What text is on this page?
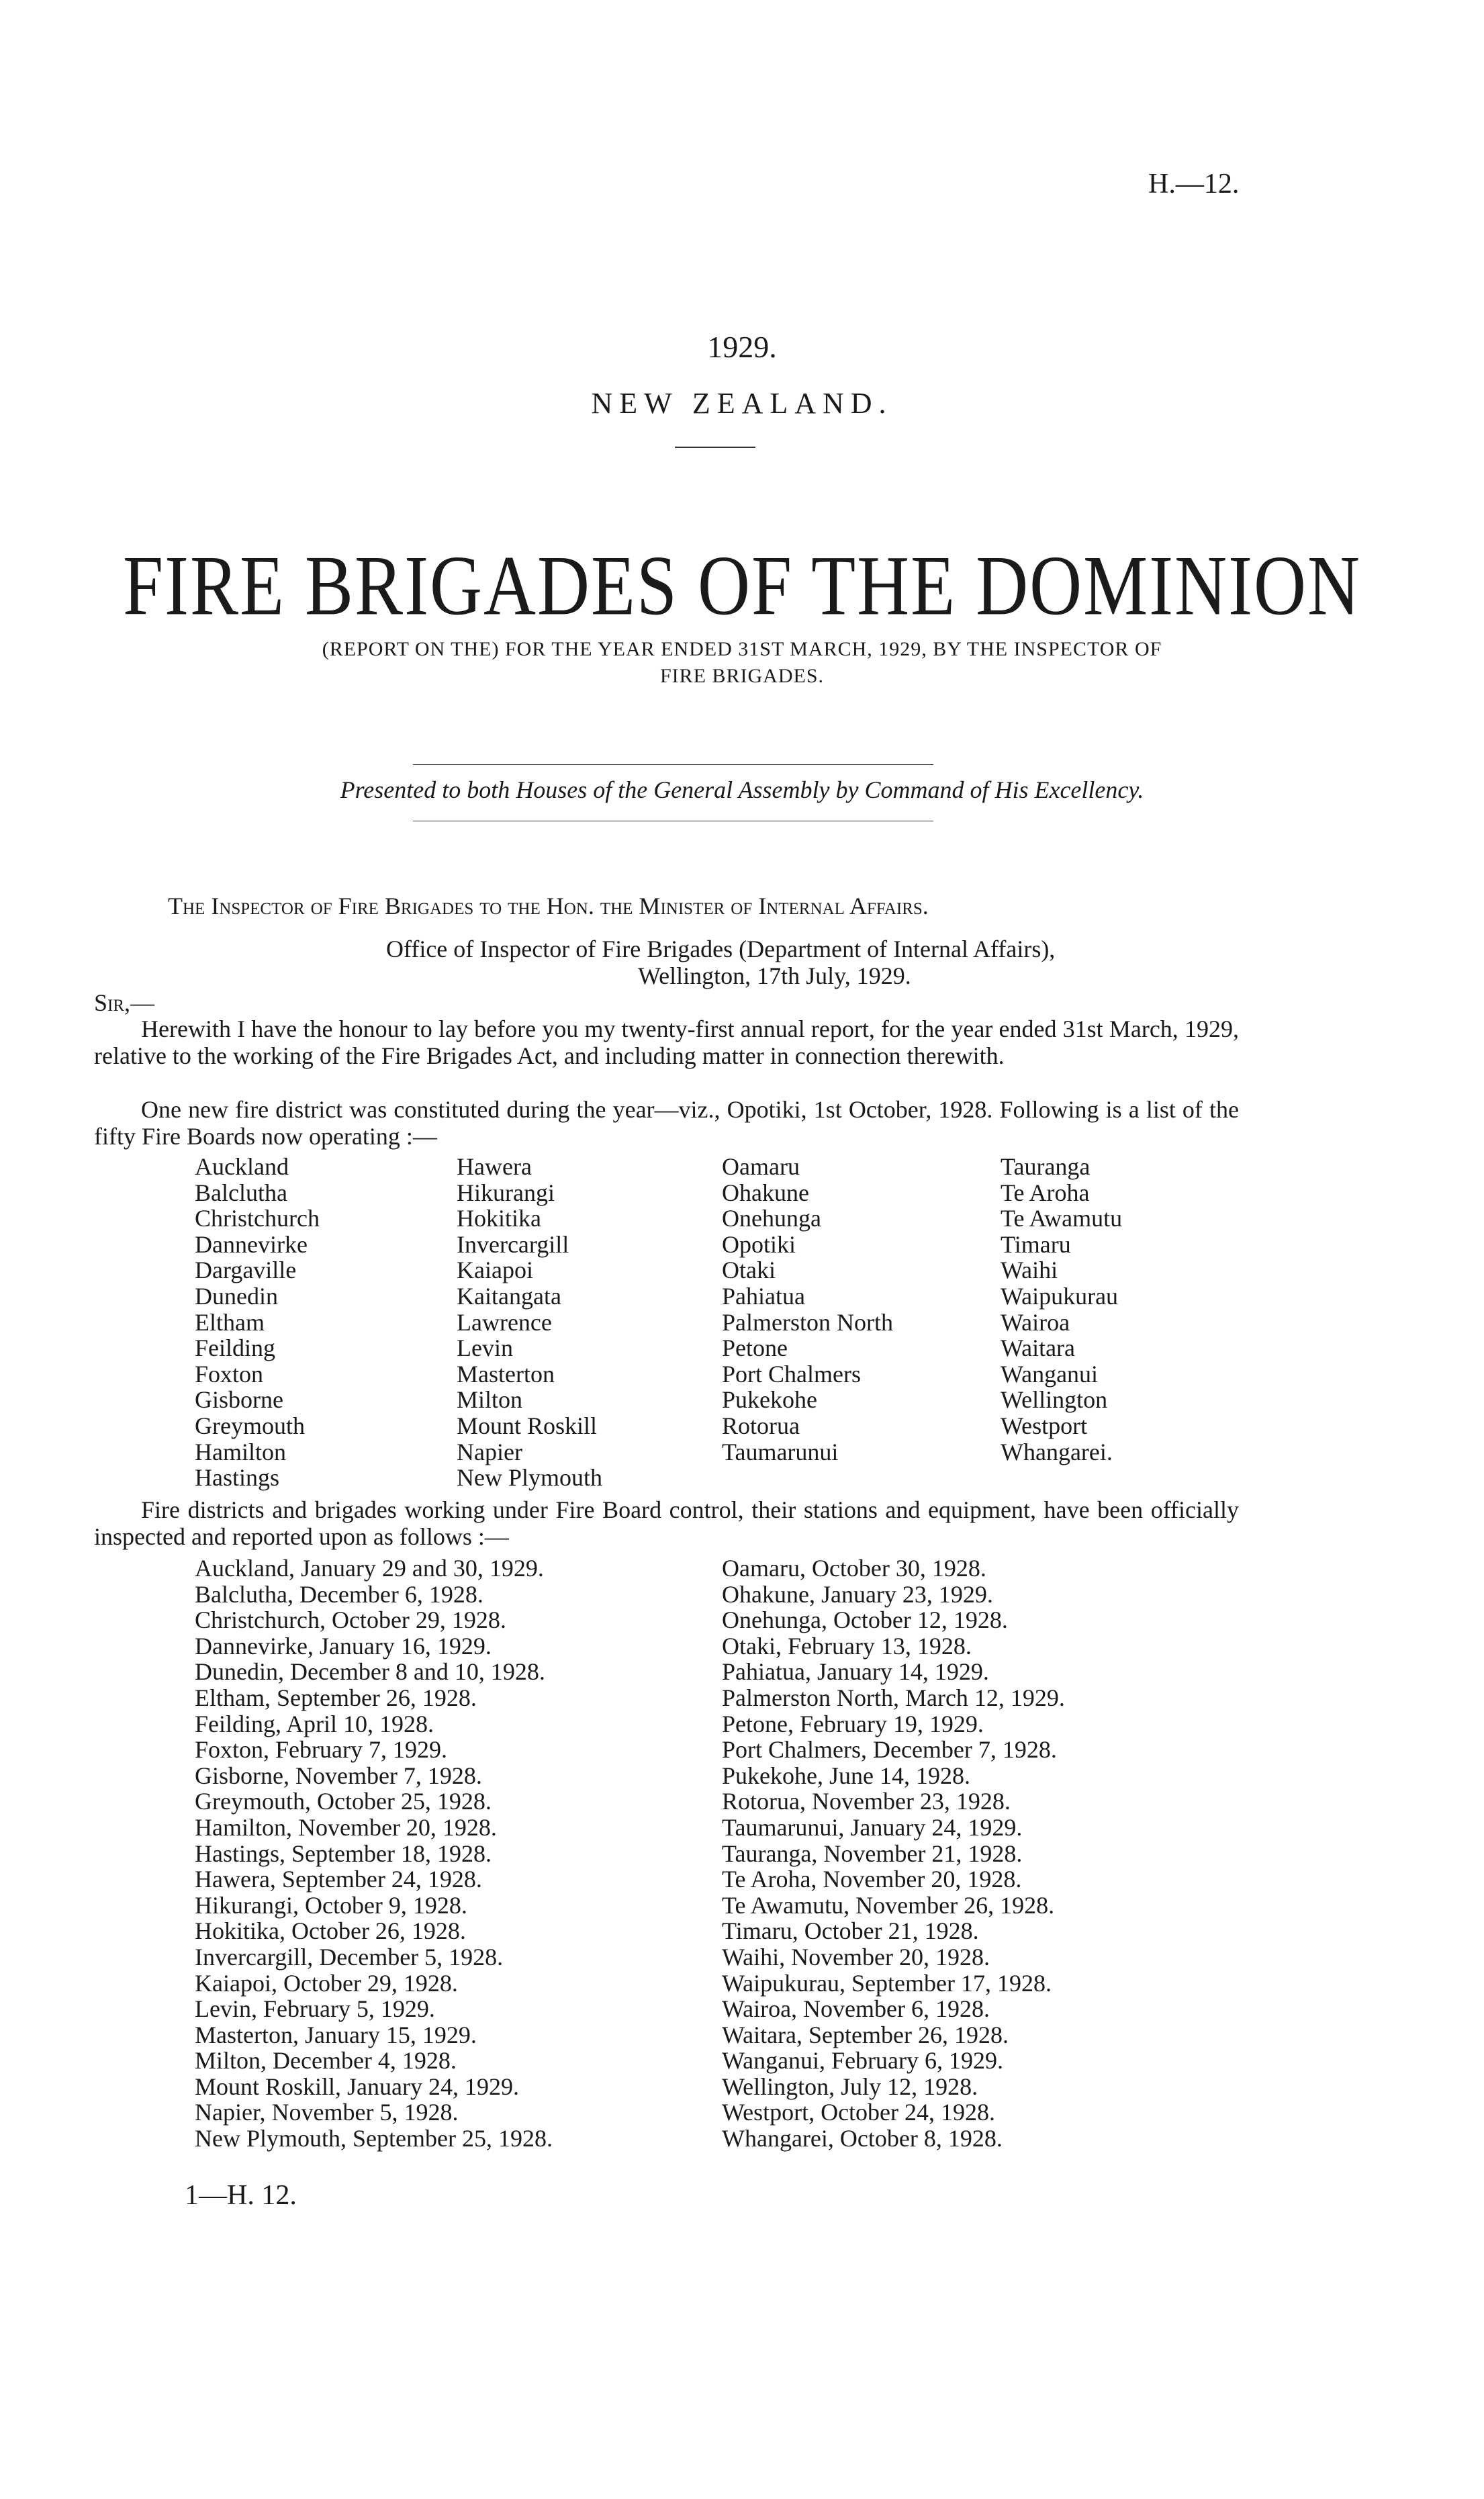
H.—12.
1929.
NEW ZEALAND.
FIRE BRIGADES OF THE DOMINION
(REPORT ON THE) FOR THE YEAR ENDED 31ST MARCH, 1929, BY THE INSPECTOR OF
FIRE BRIGADES.
Presented to both Houses of the General Assembly by Command of His Excellency.
The Inspector of Fire Brigades to the Hon. the Minister of Internal Affairs.
Office of Inspector of Fire Brigades (Department of Internal Affairs),
Wellington, 17th July, 1929.
Sir,—
Herewith I have the honour to lay before you my twenty-first annual report, for the year ended 31st March, 1929, relative to the working of the Fire Brigades Act, and including matter in connection therewith.
One new fire district was constituted during the year—viz., Opotiki, 1st October, 1928. Following is a list of the fifty Fire Boards now operating :—
Auckland
Balclutha
Christchurch
Dannevirke
Dargaville
Dunedin
Eltham
Feilding
Foxton
Gisborne
Greymouth
Hamilton
Hastings
Hawera
Hikurangi
Hokitika
Invercargill
Kaiapoi
Kaitangata
Lawrence
Levin
Masterton
Milton
Mount Roskill
Napier
New Plymouth
Oamaru
Ohakune
Onehunga
Opotiki
Otaki
Pahiatua
Palmerston North
Petone
Port Chalmers
Pukekohe
Rotorua
Taumarunui
Tauranga
Te Aroha
Te Awamutu
Timaru
Waihi
Waipukurau
Wairoa
Waitara
Wanganui
Wellington
Westport
Whangarei.
Fire districts and brigades working under Fire Board control, their stations and equipment, have been officially inspected and reported upon as follows :—
Auckland, January 29 and 30, 1929.
Balclutha, December 6, 1928.
Christchurch, October 29, 1928.
Dannevirke, January 16, 1929.
Dunedin, December 8 and 10, 1928.
Eltham, September 26, 1928.
Feilding, April 10, 1928.
Foxton, February 7, 1929.
Gisborne, November 7, 1928.
Greymouth, October 25, 1928.
Hamilton, November 20, 1928.
Hastings, September 18, 1928.
Hawera, September 24, 1928.
Hikurangi, October 9, 1928.
Hokitika, October 26, 1928.
Invercargill, December 5, 1928.
Kaiapoi, October 29, 1928.
Levin, February 5, 1929.
Masterton, January 15, 1929.
Milton, December 4, 1928.
Mount Roskill, January 24, 1929.
Napier, November 5, 1928.
New Plymouth, September 25, 1928.
Oamaru, October 30, 1928.
Ohakune, January 23, 1929.
Onehunga, October 12, 1928.
Otaki, February 13, 1928.
Pahiatua, January 14, 1929.
Palmerston North, March 12, 1929.
Petone, February 19, 1929.
Port Chalmers, December 7, 1928.
Pukekohe, June 14, 1928.
Rotorua, November 23, 1928.
Taumarunui, January 24, 1929.
Tauranga, November 21, 1928.
Te Aroha, November 20, 1928.
Te Awamutu, November 26, 1928.
Timaru, October 21, 1928.
Waihi, November 20, 1928.
Waipukurau, September 17, 1928.
Wairoa, November 6, 1928.
Waitara, September 26, 1928.
Wanganui, February 6, 1929.
Wellington, July 12, 1928.
Westport, October 24, 1928.
Whangarei, October 8, 1928.
1—H. 12.
